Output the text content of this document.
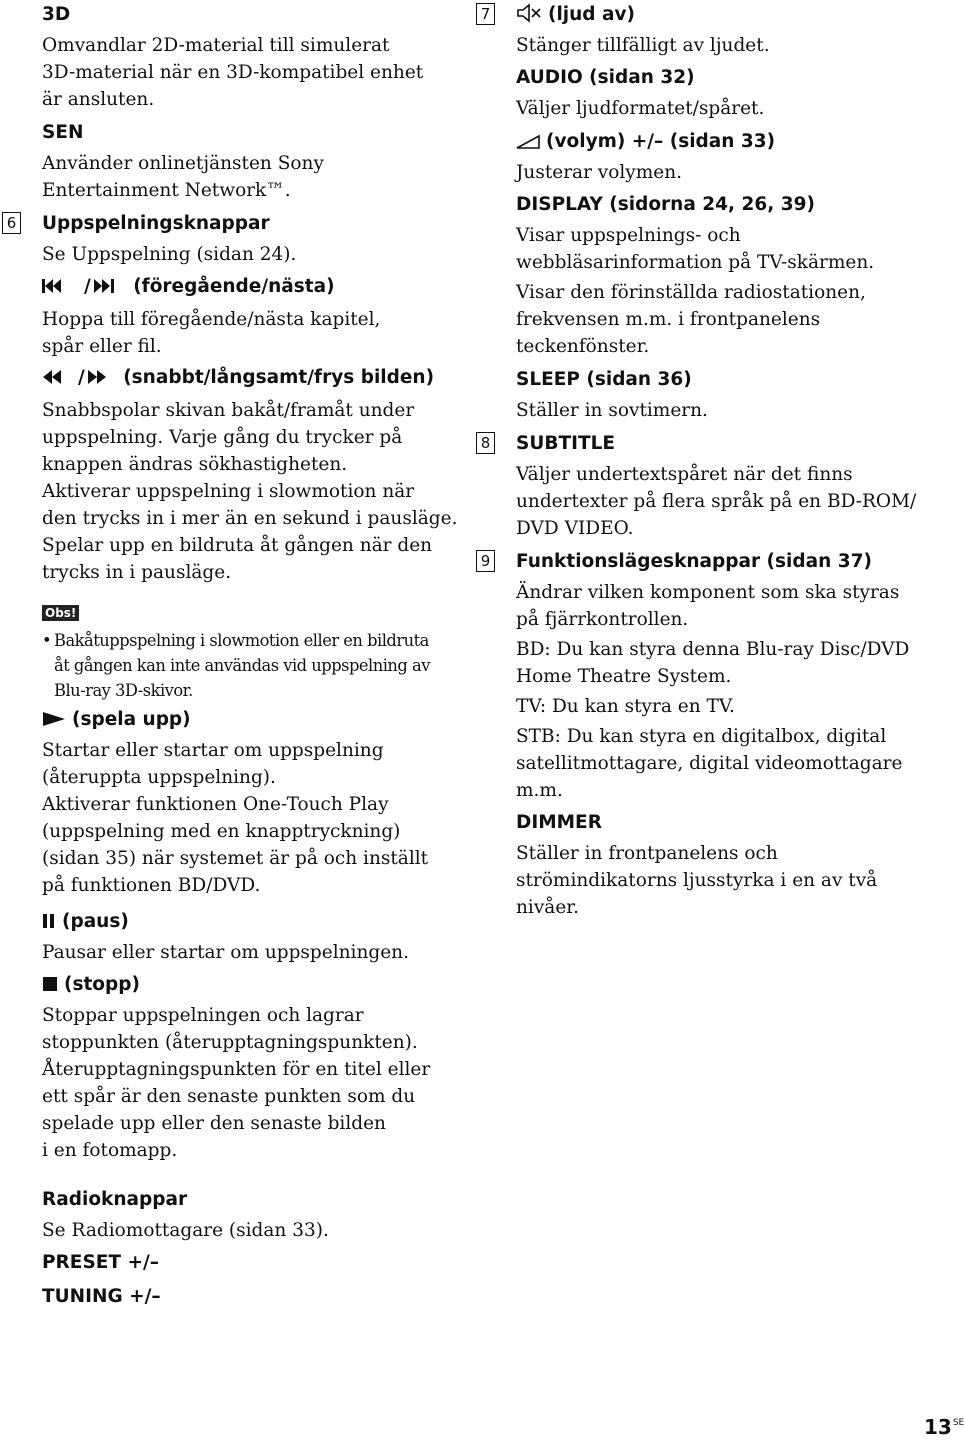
3D
Omvandlar 2D-material till simulerat
3D-material när en 3D-kompatibel enhet
är ansluten.
SEN
Använder onlinetjänsten Sony
Entertainment Network™.
6 Uppspelningsknappar
Se Uppspelning (sidan 24).
/ (föregående/nästa)
Hoppa till föregående/nästa kapitel,
spår eller fil.
/ (snabbt/långsamt/frys bilden)
Snabbspolar skivan bakåt/framåt under
uppspelning. Varje gång du trycker på
knappen ändras sökhastigheten.
Aktiverar uppspelning i slowmotion när
den trycks in i mer än en sekund i pausläge.
Spelar upp en bildruta åt gången när den
trycks in i pausläge.
Obs!
• Bakåtuppspelning i slowmotion eller en bildruta
åt gången kan inte användas vid uppspelning av
Blu-ray 3D-skivor.
(spela upp)
Startar eller startar om uppspelning
(återuppta uppspelning).
Aktiverar funktionen One-Touch Play
(uppspelning med en knapptryckning)
(sidan 35) när systemet är på och inställt
på funktionen BD/DVD.
(paus)
Pausar eller startar om uppspelningen.
(stopp)
Stoppar uppspelningen och lagrar
stoppunkten (återupptagningspunkten).
Återupptagningspunkten för en titel eller
ett spår är den senaste punkten som du
spelade upp eller den senaste bilden
i en fotomapp.
Radioknappar
Se Radiomottagare (sidan 33).
PRESET +/–
TUNING +/–
7	(ljud av)
Stänger tillfälligt av ljudet.
AUDIO (sidan 32)
Väljer ljudformatet/spåret.
(volym) +/– (sidan 33)
Justerar volymen.
DISPLAY (sidorna 24, 26, 39)
Visar uppspelnings- och
webbläsarinformation på TV-skärmen.
Visar den förinställda radiostationen,
frekvensen m.m. i frontpanelens
teckenfönster.
SLEEP (sidan 36)
Ställer in sovtimern.
8 SUBTITLE
Väljer undertextspåret när det finns
undertexter på flera språk på en BD-ROM/
DVD VIDEO.
9 Funktionslägesknappar (sidan 37)
Ändrar vilken komponent som ska styras
på fjärrkontrollen.
BD: Du kan styra denna Blu-ray Disc/DVD
Home Theatre System.
TV: Du kan styra en TV.
STB: Du kan styra en digitalbox, digital
satellitmottagare, digital videomottagare
m.m.
DIMMER
Ställer in frontpanelens och
strömindikatorns ljusstyrka i en av två
nivåer.
$13^{SE}$
